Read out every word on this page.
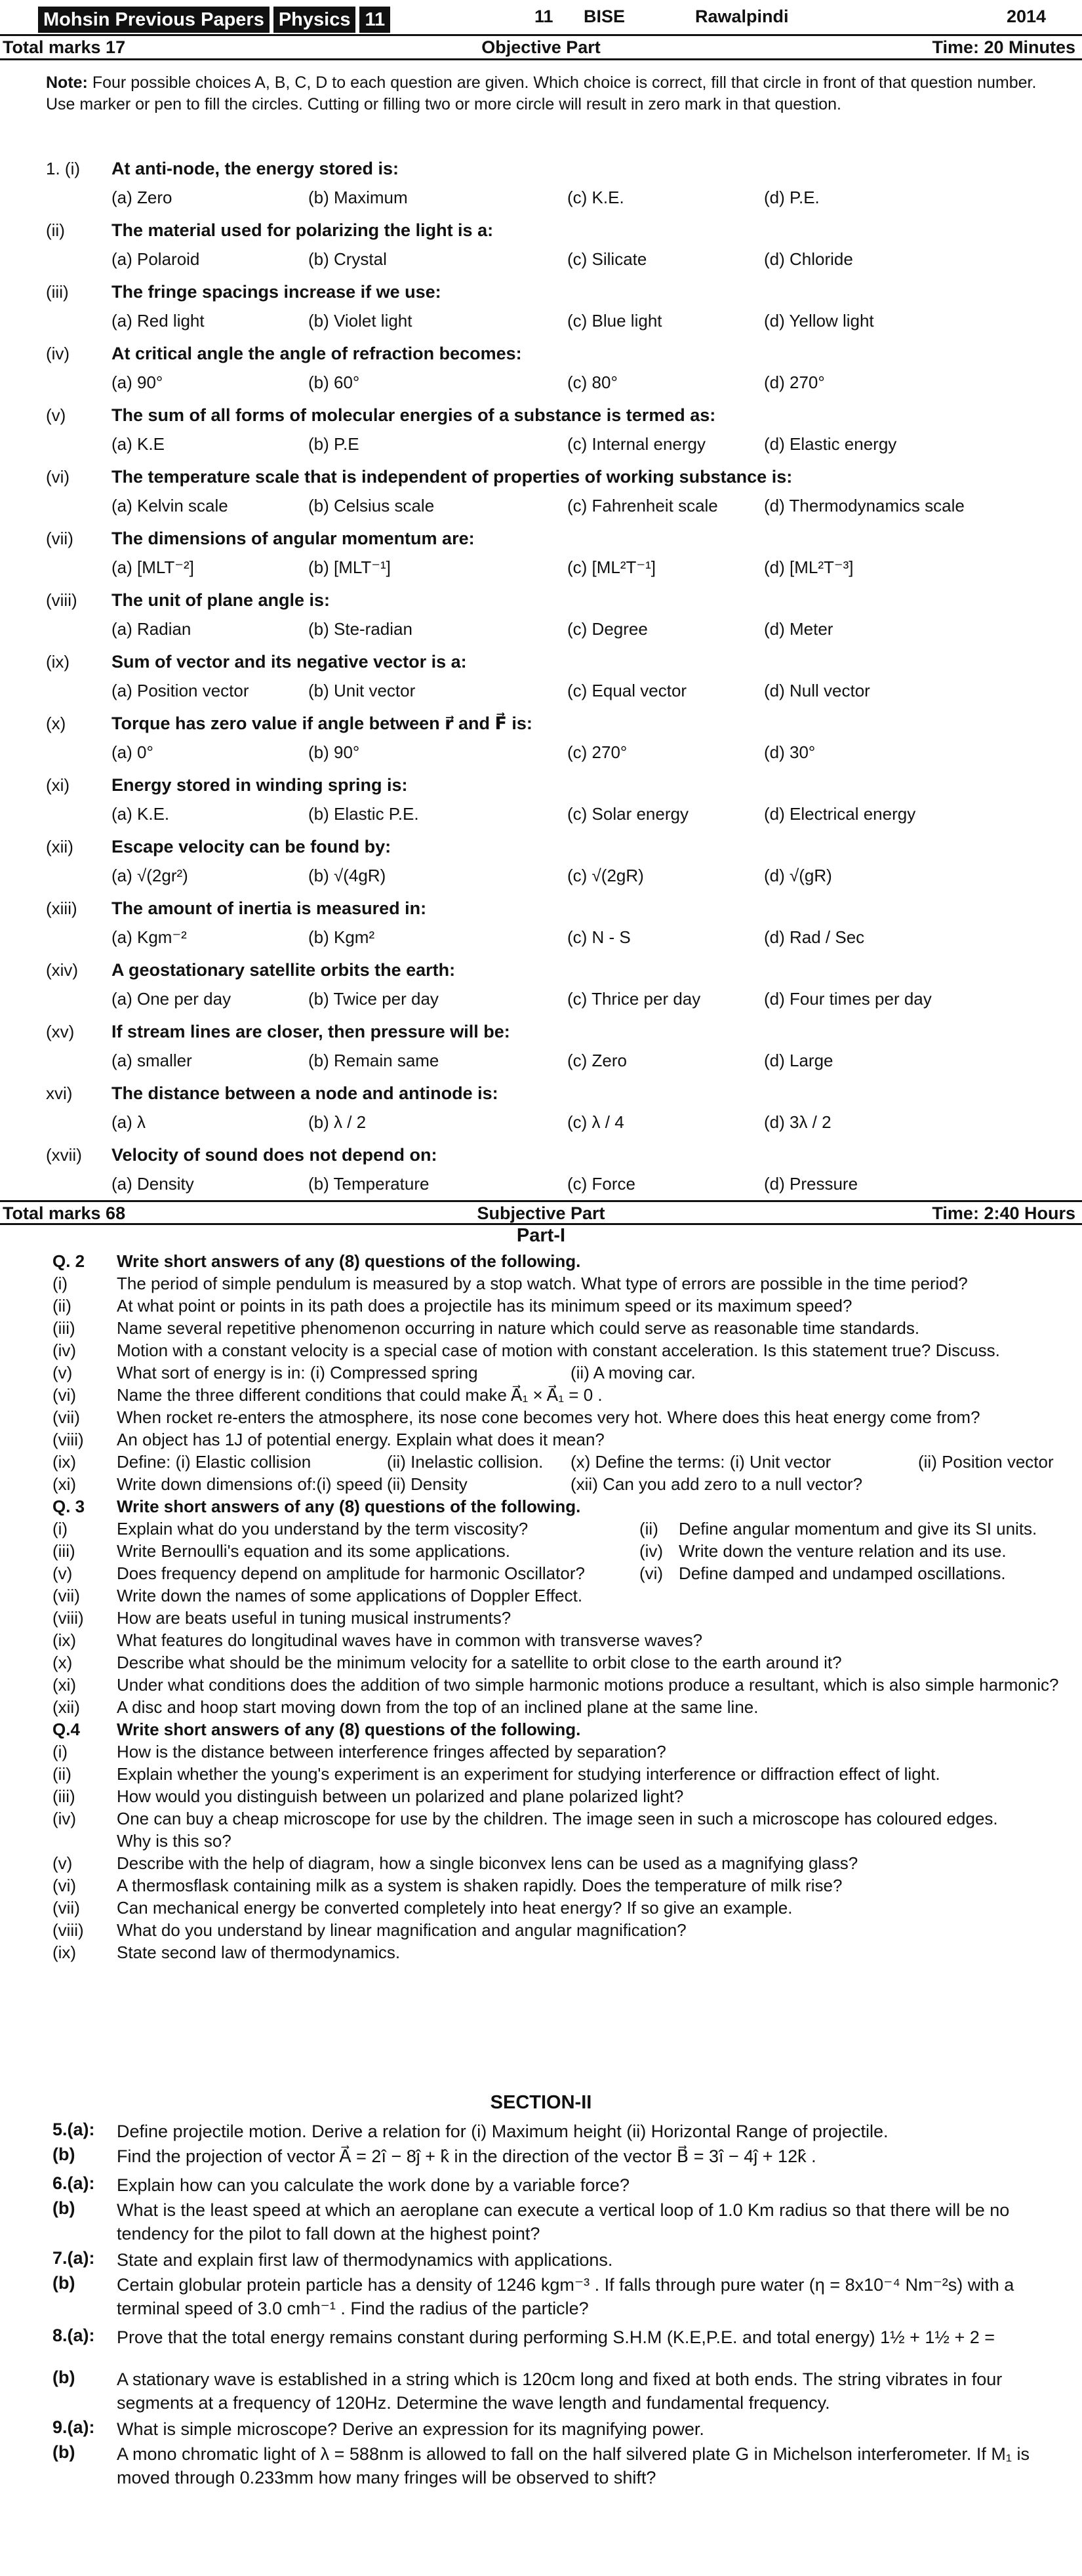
Mohsin Previous Papers Physics 11	11 BISE	Rawalpindi	2014
Total marks 17	Objective Part	Time: 20 Minutes
Note: Four possible choices A, B, C, D to each question are given. Which choice is correct, fill that circle in front of that question number. Use marker or pen to fill the circles. Cutting or filling two or more circle will result in zero mark in that question.
1. (i) At anti-node, the energy stored is:
(a) Zero	(b) Maximum	(c) K.E.	(d) P.E.
(ii)	The material used for polarizing the light is a:
(a) Polaroid	(b) Crystal	(c) Silicate	(d) Chloride
(iii) The fringe spacings increase if we use:
(a) Red light	(b) Violet light	(c) Blue light	(d) Yellow light
(iv) At critical angle the angle of refraction becomes:
(a) 90°	(b) 60°	(c) 80°	(d) 270°
(v)	The sum of all forms of molecular energies of a substance is termed as:
(a) K.E	(b) P.E	(c) Internal energy	(d) Elastic energy
(vi) The temperature scale that is independent of properties of working substance is:
(a) Kelvin scale	(b) Celsius scale	(c) Fahrenheit scale	(d) Thermodynamics scale
(vii) The dimensions of angular momentum are:
(a) [MLT⁻²]	(b) [MLT⁻¹]	(c) [ML²T⁻¹]	(d) [ML²T⁻³]
(viii) The unit of plane angle is:
(a) Radian	(b) Ste-radian	(c) Degree	(d) Meter
(ix) Sum of vector and its negative vector is a:
(a) Position vector	(b) Unit vector	(c) Equal vector	(d) Null vector
(x)	Torque has zero value if angle between r⃗ and F⃗ is:
(a) 0°	(b) 90°	(c) 270°	(d) 30°
(xi) Energy stored in winding spring is:
(a) K.E.	(b) Elastic P.E.	(c) Solar energy	(d) Electrical energy
(xii) Escape velocity can be found by:
(a) √(2gr²)	(b) √(4gR)	(c) √(2gR)	(d) √(gR)
(xiii) The amount of inertia is measured in:
(a) Kgm⁻²	(b) Kgm²	(c) N - S	(d) Rad / Sec
(xiv) A geostationary satellite orbits the earth:
(a) One per day	(b) Twice per day	(c) Thrice per day	(d) Four times per day
(xv) If stream lines are closer, then pressure will be:
(a) smaller	(b) Remain same	(c) Zero	(d) Large
xvi) The distance between a node and antinode is:
(a) λ	(b) λ / 2	(c) λ / 4	(d) 3λ / 2
(xvii) Velocity of sound does not depend on:
(a) Density	(b) Temperature	(c) Force	(d) Pressure
Total marks 68	Subjective Part	Time: 2:40 Hours
Part-I
Q. 2 Write short answers of any (8) questions of the following.
(i)	The period of simple pendulum is measured by a stop watch. What type of errors are possible in the time period?
(ii)	At what point or points in its path does a projectile has its minimum speed or its maximum speed?
(iii) Name several repetitive phenomenon occurring in nature which could serve as reasonable time standards.
(iv) Motion with a constant velocity is a special case of motion with constant acceleration. Is this statement true? Discuss.
(v)	What sort of energy is in: (i) Compressed spring	(ii) A moving car.
(vi) Name the three different conditions that could make A⃗₁ × A⃗₁ = 0 .
(vii) When rocket re-enters the atmosphere, its nose cone becomes very hot. Where does this heat energy come from?
(viii) An object has 1J of potential energy. Explain what does it mean?
(ix) Define: (i) Elastic collision	(ii) Inelastic collision. (x) Define the terms: (i) Unit vector	(ii) Position vector
(xi) Write down dimensions of:(i) speed (ii) Density	(xii) Can you add zero to a null vector?
Q. 3 Write short answers of any (8) questions of the following.
(i)	Explain what do you understand by the term viscosity?	(ii) Define angular momentum and give its SI units.
(iii) Write Bernoulli's equation and its some applications.	(iv) Write down the venture relation and its use.
(v)	Does frequency depend on amplitude for harmonic Oscillator?	(vi) Define damped and undamped oscillations.
(vii) Write down the names of some applications of Doppler Effect.
(viii) How are beats useful in tuning musical instruments?
(ix) What features do longitudinal waves have in common with transverse waves?
(x)	Describe what should be the minimum velocity for a satellite to orbit close to the earth around it?
(xi) Under what conditions does the addition of two simple harmonic motions produce a resultant, which is also simple harmonic?
(xii) A disc and hoop start moving down from the top of an inclined plane at the same line.
Q.4 Write short answers of any (8) questions of the following.
(i)	How is the distance between interference fringes affected by separation?
(ii)	Explain whether the young's experiment is an experiment for studying interference or diffraction effect of light.
(iii) How would you distinguish between un polarized and plane polarized light?
(iv) One can buy a cheap microscope for use by the children. The image seen in such a microscope has coloured edges.
Why is this so?
(v)	Describe with the help of diagram, how a single biconvex lens can be used as a magnifying glass?
(vi) A thermosflask containing milk as a system is shaken rapidly. Does the temperature of milk rise?
(vii) Can mechanical energy be converted completely into heat energy? If so give an example.
(viii) What do you understand by linear magnification and angular magnification?
(ix) State second law of thermodynamics.
SECTION-II
5.(a): Define projectile motion. Derive a relation for (i) Maximum height (ii) Horizontal Range of projectile.
(b) Find the projection of vector A⃗ = 2î − 8ĵ + k̂ in the direction of the vector B⃗ = 3î − 4ĵ + 12k̂ .
6.(a): Explain how can you calculate the work done by a variable force?
(b) What is the least speed at which an aeroplane can execute a vertical loop of 1.0 Km radius so that there will be no tendency for the pilot to fall down at the highest point?
7.(a): State and explain first law of thermodynamics with applications.
(b) Certain globular protein particle has a density of 1246 kgm⁻³ . If falls through pure water (η = 8x10⁻⁴ Nm⁻²s) with a terminal speed of 3.0 cmh⁻¹ . Find the radius of the particle?
8.(a): Prove that the total energy remains constant during performing S.H.M (K.E,P.E. and total energy) 1½ + 1½ + 2 =
(b) A stationary wave is established in a string which is 120cm long and fixed at both ends. The string vibrates in four segments at a frequency of 120Hz. Determine the wave length and fundamental frequency.
9.(a): What is simple microscope? Derive an expression for its magnifying power.
(b) A mono chromatic light of λ = 588nm is allowed to fall on the half silvered plate G in Michelson interferometer. If M₁ is moved through 0.233mm how many fringes will be observed to shift?
